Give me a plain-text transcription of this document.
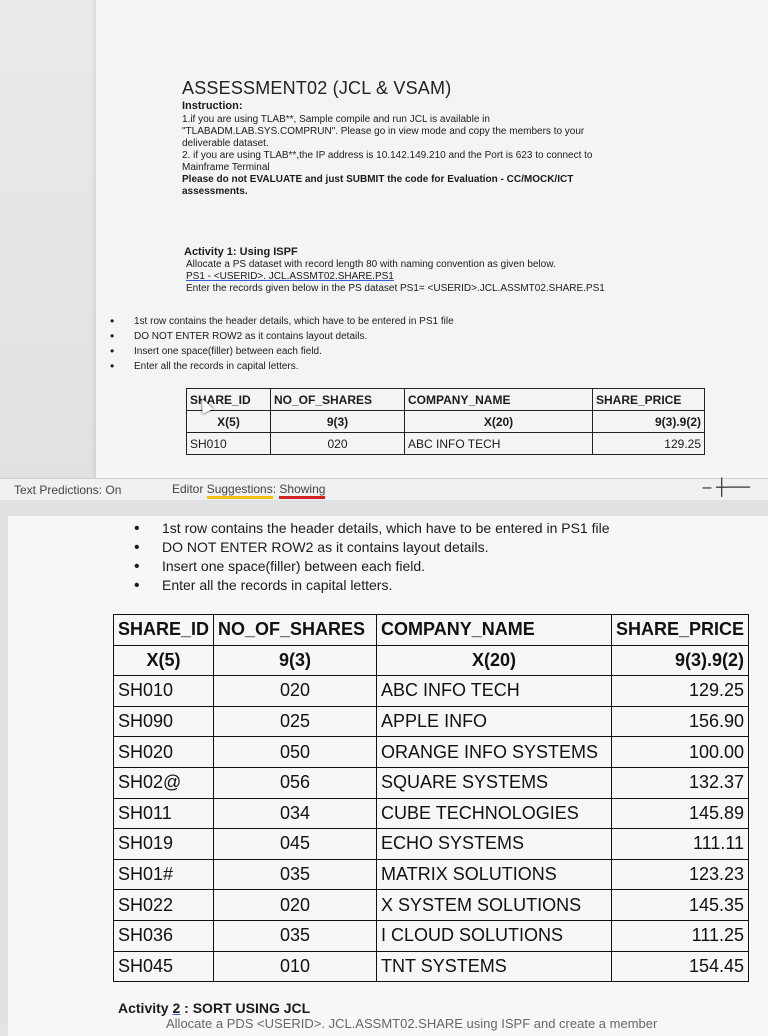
ASSESSMENT02 (JCL & VSAM)
Instruction:

1.if you are using TLAB**, Sample compile and run JCL is available in

"TLABADM.LAB.SYS.COMPRUN". Please go in view mode and copy the members to your

deliverable dataset.

2. if you are using TLAB**,the IP address is 10.142.149.210 and the Port is 623 to connect to

Mainframe Terminal

Please do not EVALUATE and just SUBMIT the code for Evaluation - CC/MOCK/ICT

assessments.

Activity 1: Using ISPF

Allocate a PS dataset with record length 80 with naming convention as given below.

PS1 - <USERID>. JCL.ASSMT02.SHARE.PS1

Enter the records given below in the PS dataset PS1= <USERID>.JCL.ASSMT02.SHARE.PS1

• 1st row contains the header details, which have to be entered in PS1 file
• DO NOT ENTER ROW2 as it contains layout details.
• Insert one space(filler) between each field.
• Enter all the records in capital letters.
SHARE_ID	NO_OF_SHARES	COMPANY_NAME	SHARE_PRICE
X(5)	9(3)	X(20)	9(3).9(2)
SH010	020	ABC INFO TECH	129.25
Text Predictions: On	Editor Suggestions: Showing	– ┼──
• 1st row contains the header details, which have to be entered in PS1 file
• DO NOT ENTER ROW2 as it contains layout details.
• Insert one space(filler) between each field.
• Enter all the records in capital letters.
SHARE_ID	NO_OF_SHARES	COMPANY_NAME	SHARE_PRICE
X(5)	9(3)	X(20)	9(3).9(2)
SH010	020	ABC INFO TECH	129.25
SH090	025	APPLE INFO	156.90
SH020	050	ORANGE INFO SYSTEMS	100.00
SH02@	056	SQUARE SYSTEMS	132.37
SH011	034	CUBE TECHNOLOGIES	145.89
SH019	045	ECHO SYSTEMS	111.11
SH01#	035	MATRIX SOLUTIONS	123.23
SH022	020	X SYSTEM SOLUTIONS	145.35
SH036	035	I CLOUD SOLUTIONS	111.25
SH045	010	TNT SYSTEMS	154.45
Activity 2 : SORT USING JCL
Allocate a PDS <USERID>. JCL.ASSMT02.SHARE using ISPF and create a member
